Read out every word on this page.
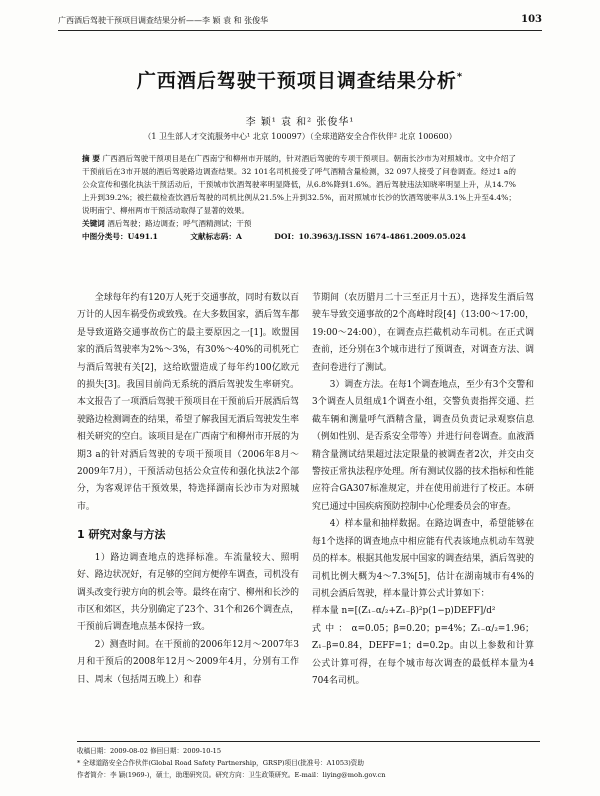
广西酒后驾驶干预项目调查结果分析——李 颖 袁 和 张俊华	103
广西酒后驾驶干预项目调查结果分析*
李 颖¹ 袁 和² 张俊华¹
（1 卫生部人才交流服务中心¹ 北京 100097）（全球道路安全合作伙伴² 北京 100600）

摘 要 广西酒后驾驶干预项目是在广西南宁和柳州市开展的，针对酒后驾驶的专项干预项目。朝南长沙市为对照城市。文中介绍了干预前后在3市开展的酒后驾驶路边调查结果。32 101名司机接受了呼气酒精含量检测，32 097人接受了问卷调查。经过1 a的公众宣传和强化执法干预活动后，干预城市饮酒驾驶率明显降低，从6.8%降到1.6%。酒后驾驶违法知晓率明显上升，从14.7%上升到39.2%；被拦截检查饮酒后驾驶的司机比例从21.5%上升到32.5%，而对照城市长沙的饮酒驾驶率从3.1%上升至4.4%；说明南宁、柳州两市干预活动取得了显著的效果。

关键词 酒后驾驶；路边调查；呼气酒精测试；干预

中图分类号：U491.1	文献标志码：A	DOI：10.3963/j.ISSN 1674-4861.2009.05.024

全球每年约有120万人死于交通事故，同时有数以百万计的人因车祸受伤或致残。在大多数国家，酒后驾车都是导致道路交通事故伤亡的最主要原因之一[1]。欧盟国家的酒后驾驶率为2%～3%，有30%～40%的司机死亡与酒后驾驶有关[2]，这给欧盟造成了每年约100亿欧元的损失[3]。我国目前尚无系统的酒后驾驶发生率研究。本文报告了一项酒后驾驶干预项目在干预前后开展酒后驾驶路边检测调查的结果，希望了解我国无酒后驾驶发生率相关研究的空白。该项目是在广西南宁和柳州市开展的为期3 a的针对酒后驾驶的专项干预项目（2006年8月～2009年7月），干预活动包括公众宣传和强化执法2个部分，为客观评估干预效果，特选择湖南长沙市为对照城市。

1 研究对象与方法

1）路边调查地点的选择标准。车流量较大、照明好、路边状况好，有足够的空间方便停车调查，司机没有调头改变行驶方向的机会等。最终在南宁、柳州和长沙的市区和郊区，共分别确定了23个、31个和26个调查点，干预前后调查地点基本保持一致。

2）测查时间。在干预前的2006年12月～2007年3月和干预后的2008年12月～2009年4月，分别有工作日、周末（包括周五晚上）和春

节期间（农历腊月二十三至正月十五），选择发生酒后驾驶车导致交通事故的2个高峰时段[4]（13:00～17:00，19:00～24:00），在调查点拦截机动车司机。在正式调查前，还分别在3个城市进行了预调查，对调查方法、调查问卷进行了测试。

3）调查方法。在每1个调查地点，至少有3个交警和3个调查人员组成1个调查小组，交警负责指挥交通、拦截车辆和测量呼气酒精含量，调查员负责记录观察信息（例如性别、是否系安全带等）并进行问卷调查。血液酒精含量测试结果超过法定限量的被调查者2次，并交由交警按正常执法程序处理。所有测试仪器的技术指标和性能应符合GA307标准规定，并在使用前进行了校正。本研究已通过中国疾病预防控制中心伦理委员会的审查。

4）样本量和抽样数据。在路边调查中，希望能够在每1个选择的调查地点中相应能有代表该地点机动车驾驶员的样本。根据其他发展中国家的调查结果，酒后驾驶的司机比例大概为4～7.3%[5]，估计在湖南城市有4%的司机会酒后驾驶，样本量计算公式计算如下：

样本量 n=[(Z₁₋α/₂+Z₁₋β)²p(1−p)DEFF]/d²

式中：α=0.05；β=0.20；p=4%；Z₁₋α/₂=1.96；Z₁₋β=0.84，DEFF=1；d=0.2p。由以上参数和计算公式计算可得，在每个城市每次调查的最低样本量为4 704名司机。

收稿日期：2009-08-02 修回日期：2009-10-15
* 全球道路安全合作伙伴(Global Road Safety Partnership，GRSP)项目(批准号：A1053)资助
作者简介：李 颖(1969-)，硕士，助理研究员。研究方向：卫生政策研究。E-mail：liying@moh.gov.cn
